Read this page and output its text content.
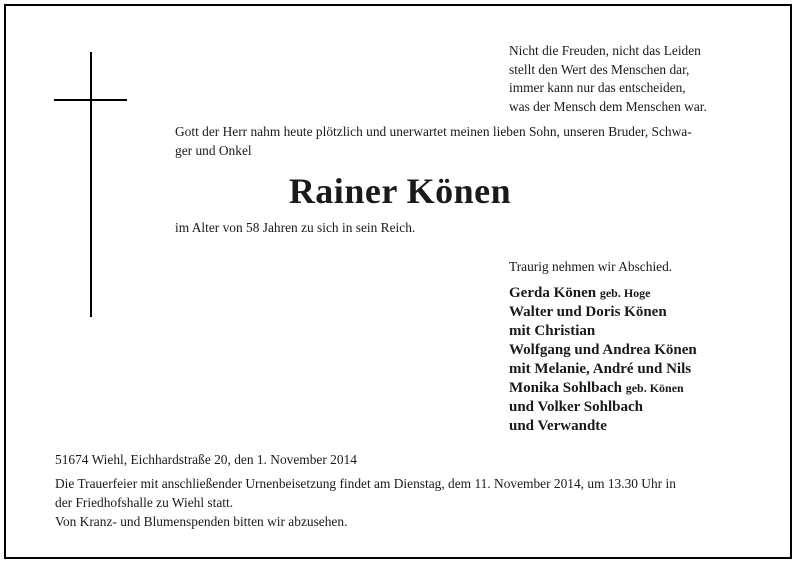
Nicht die Freuden, nicht das Leiden
stellt den Wert des Menschen dar,
immer kann nur das entscheiden,
was der Mensch dem Menschen war.
Gott der Herr nahm heute plötzlich und unerwartet meinen lieben Sohn, unseren Bruder, Schwa-
ger und Onkel
Rainer Könen
im Alter von 58 Jahren zu sich in sein Reich.
Traurig nehmen wir Abschied.
Gerda Könen geb. Hoge
Walter und Doris Könen
mit Christian
Wolfgang und Andrea Könen
mit Melanie, André und Nils
Monika Sohlbach geb. Könen
und Volker Sohlbach
und Verwandte
51674 Wiehl, Eichhardstraße 20, den 1. November 2014
Die Trauerfeier mit anschließender Urnenbeisetzung findet am Dienstag, dem 11. November 2014, um 13.30 Uhr in
der Friedhofshalle zu Wiehl statt.
Von Kranz- und Blumenspenden bitten wir abzusehen.
